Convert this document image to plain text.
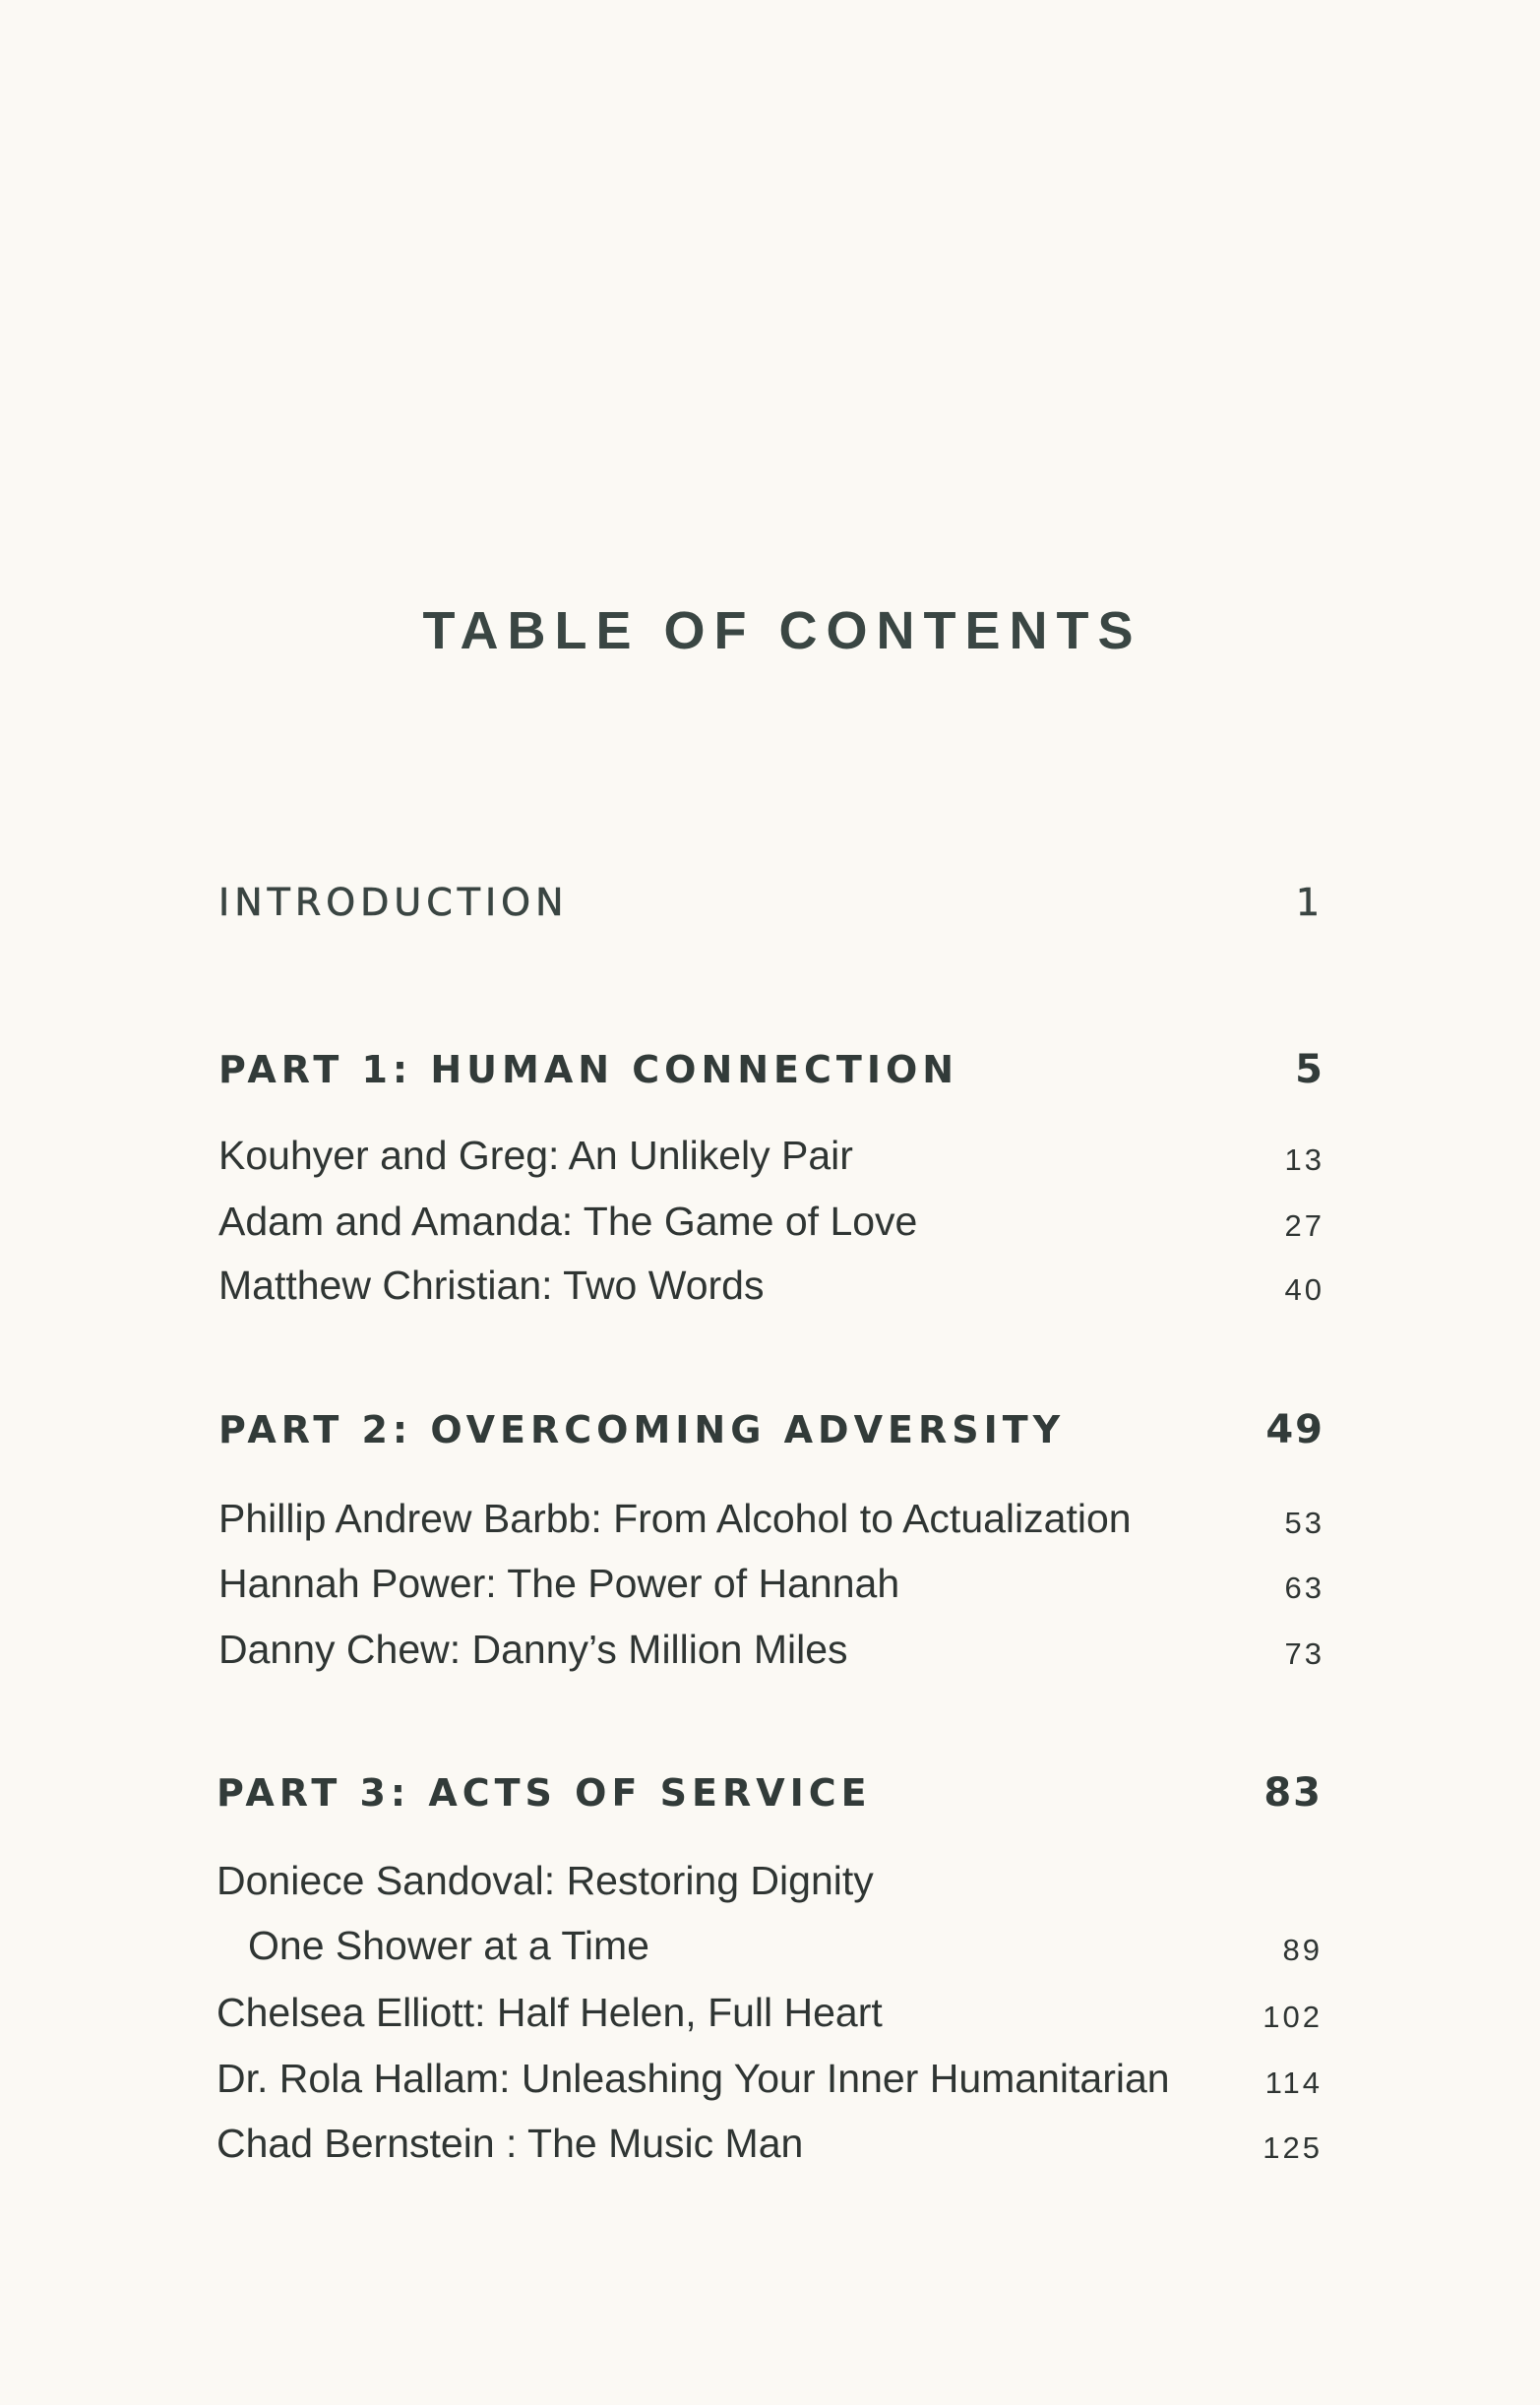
TABLE OF CONTENTS
INTRODUCTION	1
PART 1: HUMAN CONNECTION	5
Kouhyer and Greg: An Unlikely Pair	13
Adam and Amanda: The Game of Love	27
Matthew Christian: Two Words	40
PART 2: OVERCOMING ADVERSITY	49
Phillip Andrew Barbb: From Alcohol to Actualization	53
Hannah Power: The Power of Hannah	63
Danny Chew: Danny’s Million Miles	73
PART 3: ACTS OF SERVICE	83
Doniece Sandoval: Restoring Dignity
One Shower at a Time	89
Chelsea Elliott: Half Helen, Full Heart	102
Dr. Rola Hallam: Unleashing Your Inner Humanitarian	114
Chad Bernstein : The Music Man	125
